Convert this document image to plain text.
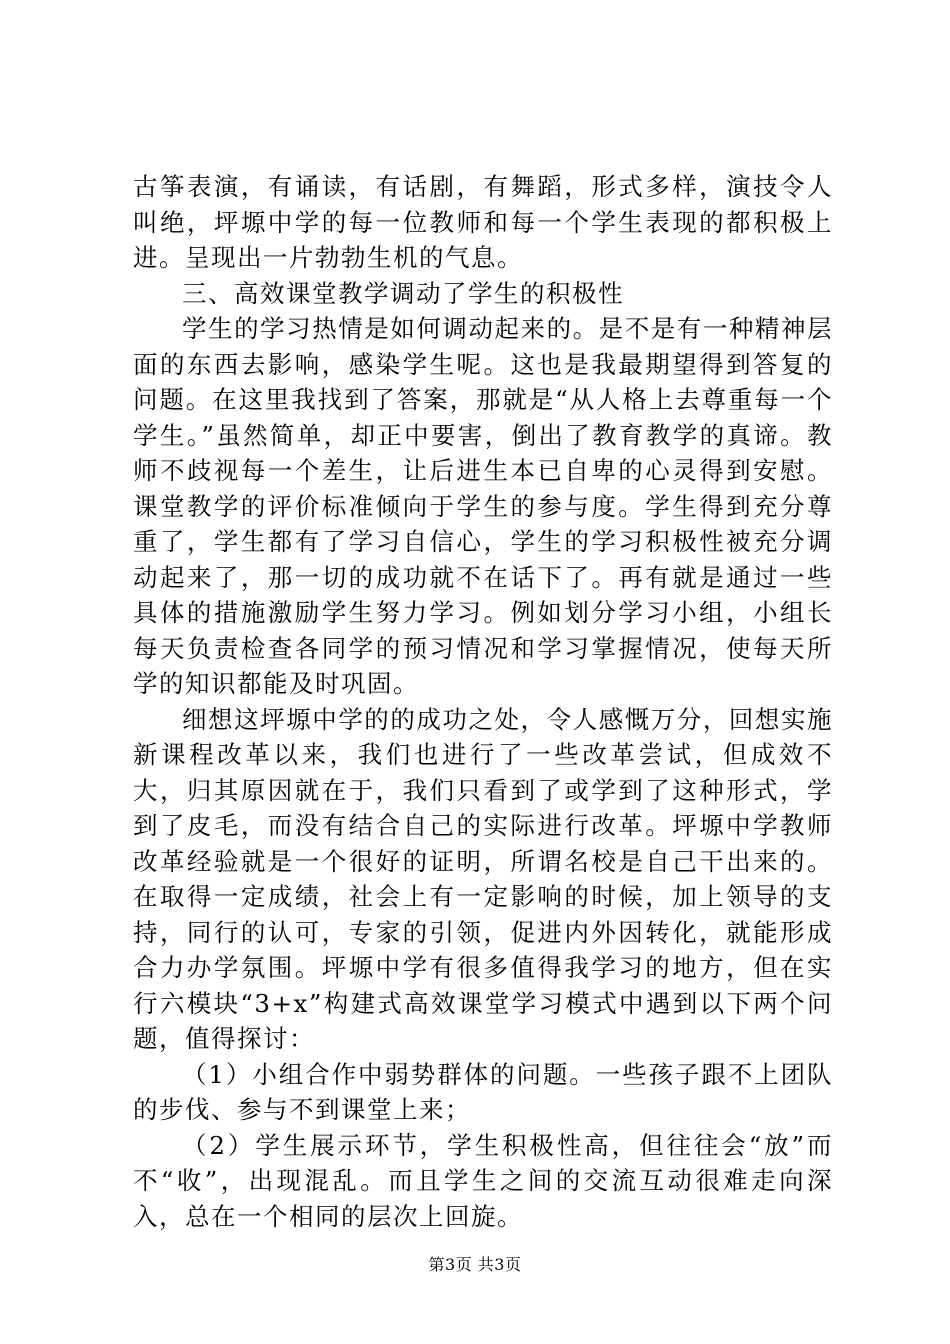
古筝表演，有诵读，有话剧，有舞蹈，形式多样，演技令人叫绝，坪塬中学的每一位教师和每一个学生表现的都积极上进。呈现出一片勃勃生机的气息。

三、高效课堂教学调动了学生的积极性

学生的学习热情是如何调动起来的。是不是有一种精神层面的东西去影响，感染学生呢。这也是我最期望得到答复的问题。在这里我找到了答案，那就是“从人格上去尊重每一个学生。”虽然简单，却正中要害，倒出了教育教学的真谛。教师不歧视每一个差生，让后进生本已自卑的心灵得到安慰。课堂教学的评价标准倾向于学生的参与度。学生得到充分尊重了，学生都有了学习自信心，学生的学习积极性被充分调动起来了，那一切的成功就不在话下了。再有就是通过一些具体的措施激励学生努力学习。例如划分学习小组，小组长每天负责检查各同学的预习情况和学习掌握情况，使每天所学的知识都能及时巩固。

细想这坪塬中学的的成功之处，令人感慨万分，回想实施新课程改革以来，我们也进行了一些改革尝试，但成效不大，归其原因就在于，我们只看到了或学到了这种形式，学到了皮毛，而没有结合自己的实际进行改革。坪塬中学教师改革经验就是一个很好的证明，所谓名校是自己干出来的。在取得一定成绩，社会上有一定影响的时候，加上领导的支持，同行的认可，专家的引领，促进内外因转化，就能形成合力办学氛围。坪塬中学有很多值得我学习的地方，但在实行六模块“3+x”构建式高效课堂学习模式中遇到以下两个问题，值得探讨：

（1）小组合作中弱势群体的问题。一些孩子跟不上团队的步伐、参与不到课堂上来；

（2）学生展示环节，学生积极性高，但往往会“放”而不“收”，出现混乱。而且学生之间的交流互动很难走向深入，总在一个相同的层次上回旋。

第3页 共3页
